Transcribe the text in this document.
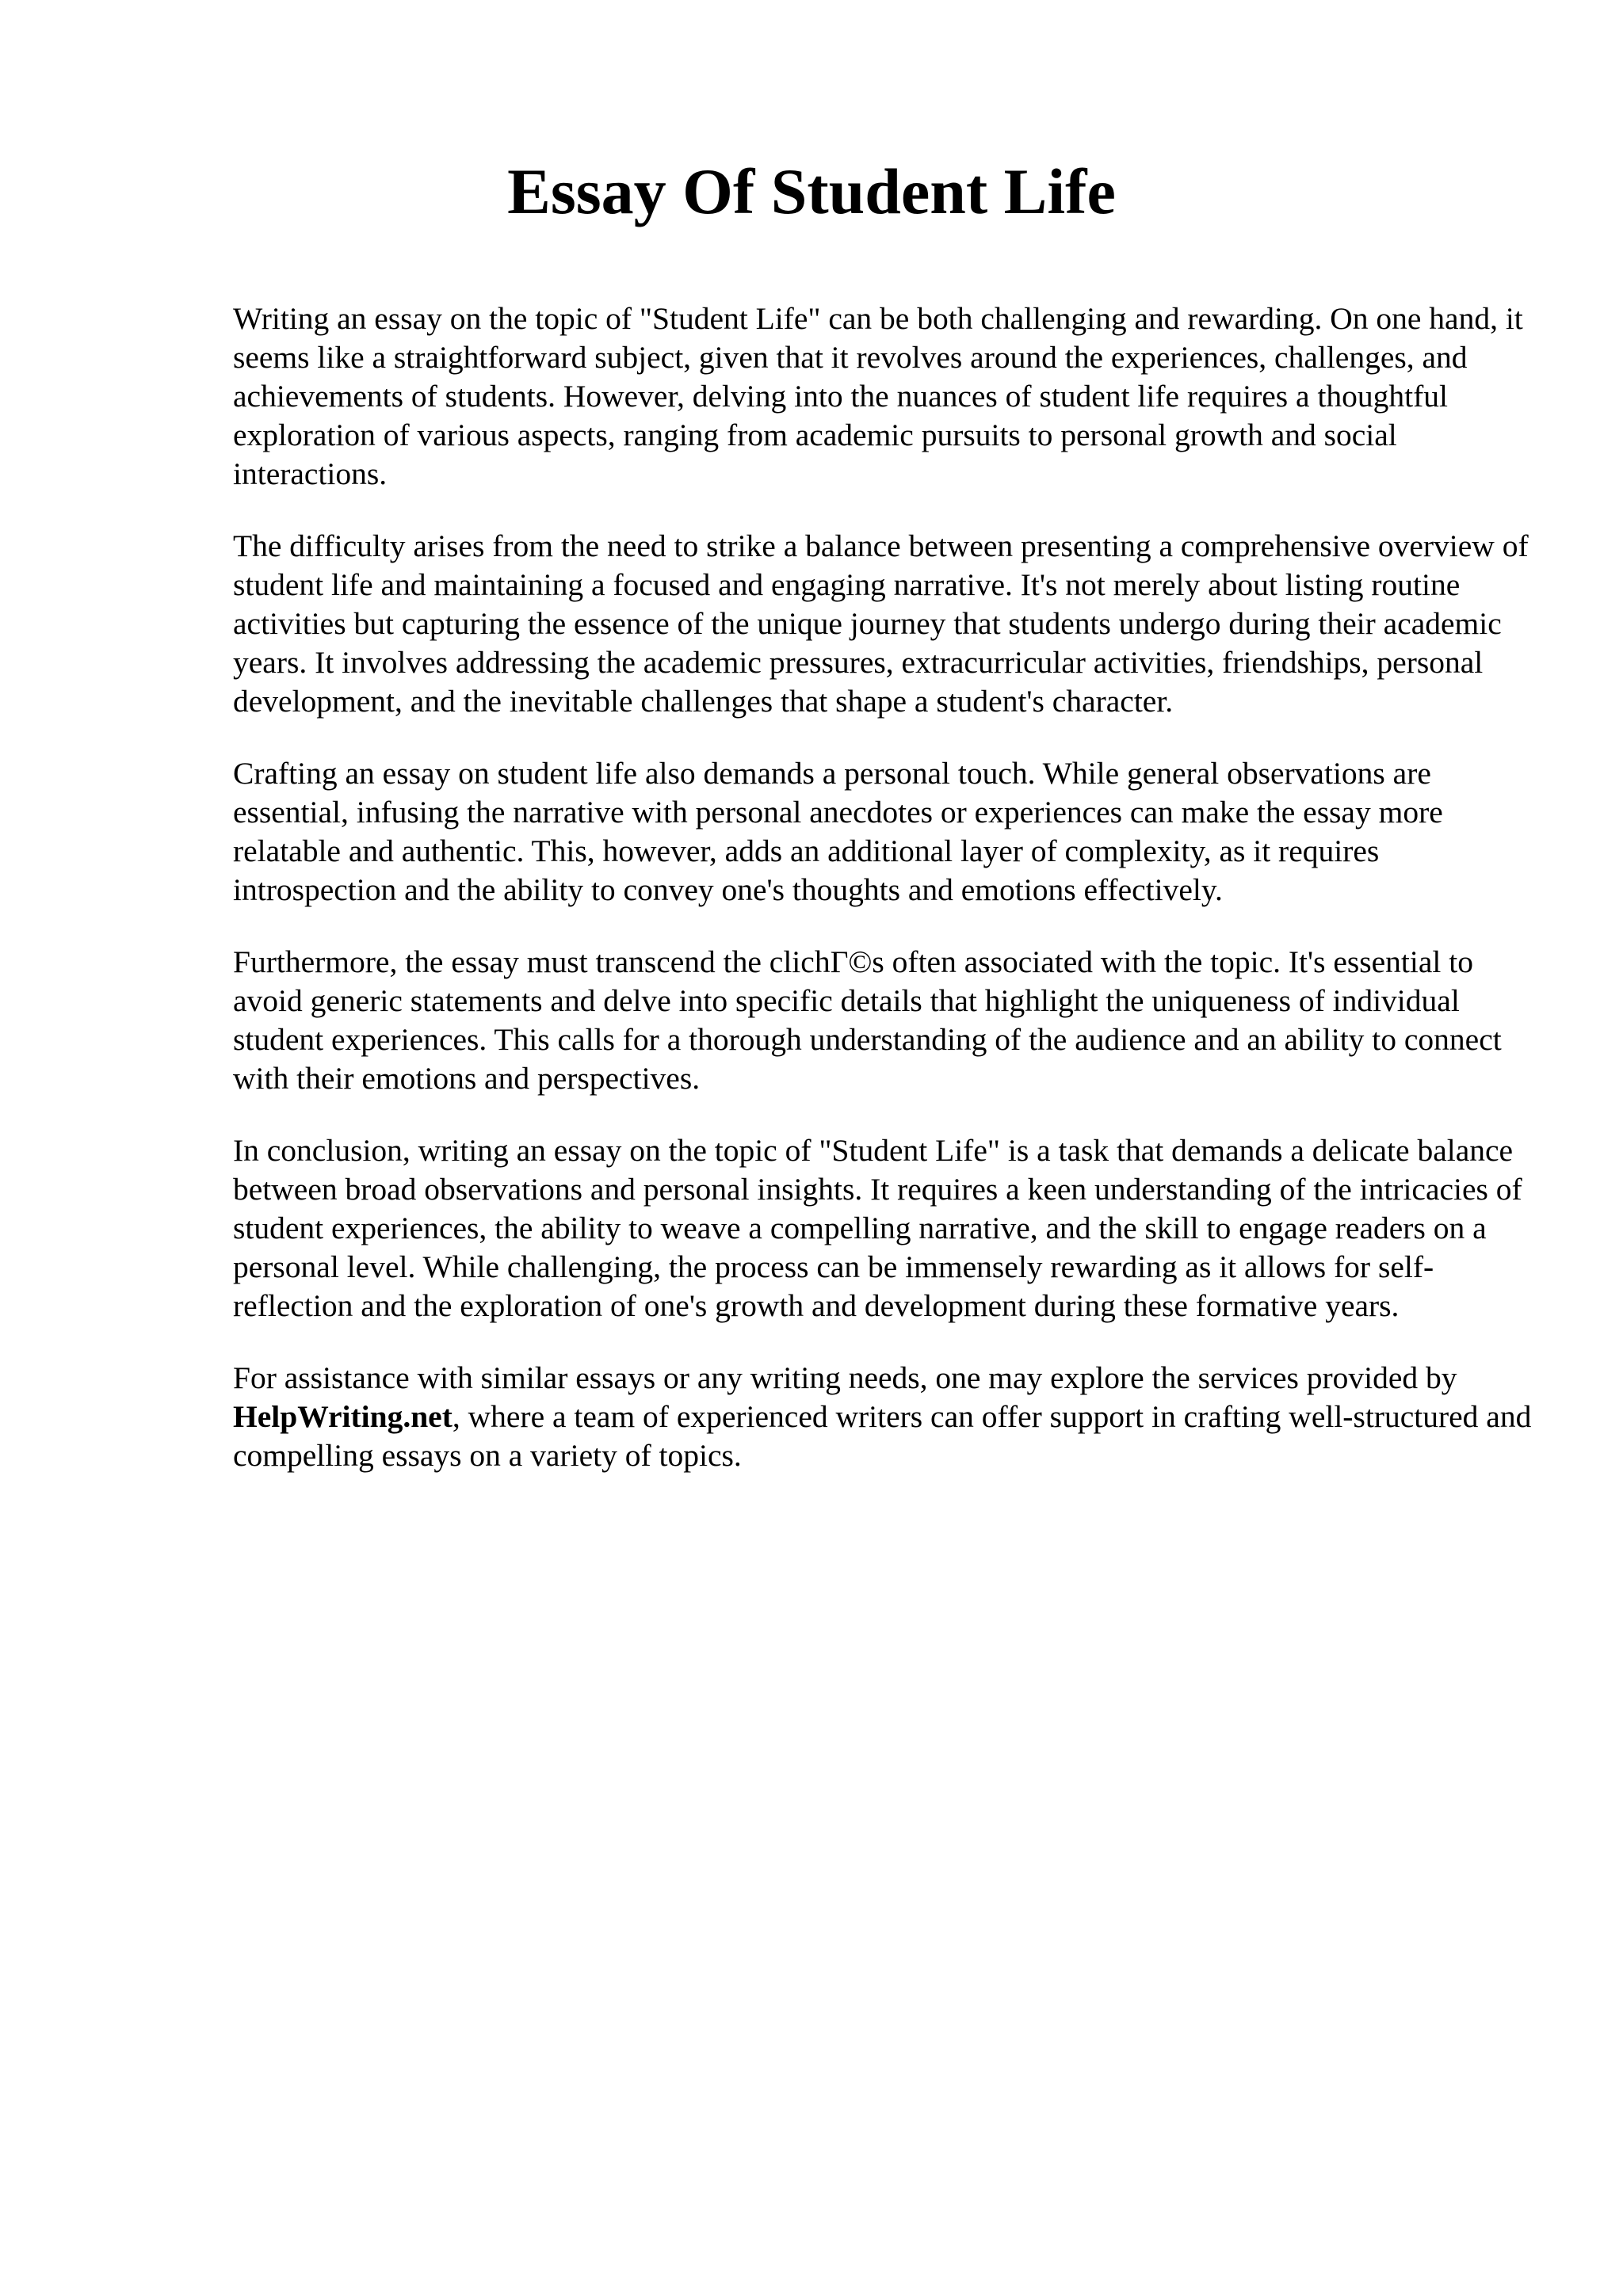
Essay Of Student Life

Writing an essay on the topic of "Student Life" can be both challenging and rewarding. On one hand, it seems like a straightforward subject, given that it revolves around the experiences, challenges, and achievements of students. However, delving into the nuances of student life requires a thoughtful exploration of various aspects, ranging from academic pursuits to personal growth and social interactions.

The difficulty arises from the need to strike a balance between presenting a comprehensive overview of student life and maintaining a focused and engaging narrative. It's not merely about listing routine activities but capturing the essence of the unique journey that students undergo during their academic years. It involves addressing the academic pressures, extracurricular activities, friendships, personal development, and the inevitable challenges that shape a student's character.

Crafting an essay on student life also demands a personal touch. While general observations are essential, infusing the narrative with personal anecdotes or experiences can make the essay more relatable and authentic. This, however, adds an additional layer of complexity, as it requires introspection and the ability to convey one's thoughts and emotions effectively.

Furthermore, the essay must transcend the clichΓ©s often associated with the topic. It's essential to avoid generic statements and delve into specific details that highlight the uniqueness of individual student experiences. This calls for a thorough understanding of the audience and an ability to connect with their emotions and perspectives.

In conclusion, writing an essay on the topic of "Student Life" is a task that demands a delicate balance between broad observations and personal insights. It requires a keen understanding of the intricacies of student experiences, the ability to weave a compelling narrative, and the skill to engage readers on a personal level. While challenging, the process can be immensely rewarding as it allows for self-reflection and the exploration of one's growth and development during these formative years.

For assistance with similar essays or any writing needs, one may explore the services provided by HelpWriting.net, where a team of experienced writers can offer support in crafting well-structured and compelling essays on a variety of topics.
